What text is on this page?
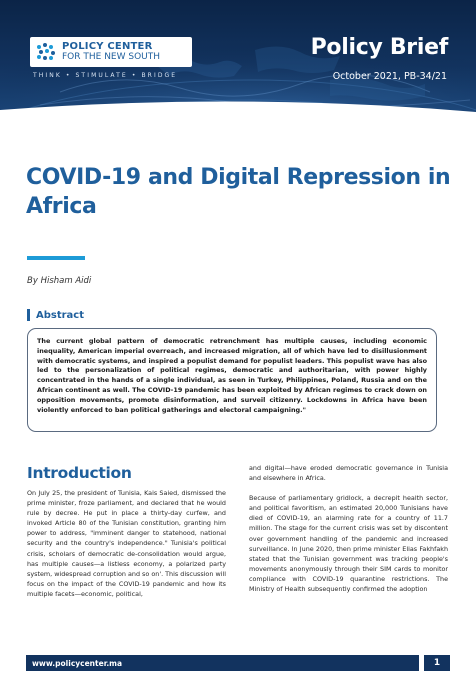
POLICY CENTER
FOR THE NEW SOUTH
THINK • STIMULATE • BRIDGE
Policy Brief
October 2021, PB-34/21
COVID-19 and Digital Repression in Africa
By Hisham Aidi
Abstract

The current global pattern of democratic retrenchment has multiple causes, including economic inequality, American imperial overreach, and increased migration, all of which have led to disillusionment with democratic systems, and inspired a populist demand for populist leaders. This populist wave has also led to the personalization of political regimes, democratic and authoritarian, with power highly concentrated in the hands of a single individual, as seen in Turkey, Philippines, Poland, Russia and on the African continent as well. The COVID-19 pandemic has been exploited by African regimes to crack down on opposition movements, promote disinformation, and surveil citizenry. Lockdowns in Africa have been violently enforced to ban political gatherings and electoral campaigning."

Introduction

On July 25, the president of Tunisia, Kais Saied, dismissed the prime minister, froze parliament, and declared that he would rule by decree. He put in place a thirty-day curfew, and invoked Article 80 of the Tunisian constitution, granting him power to address, "imminent danger to statehood, national security and the country's independence." Tunisia's political crisis, scholars of democratic de-consolidation would argue, has multiple causes—a listless economy, a polarized party system, widespread corruption and so on'. This discussion will focus on the impact of the COVID-19 pandemic and how its multiple facets—economic, political,

and digital—have eroded democratic governance in Tunisia and elsewhere in Africa.

Because of parliamentary gridlock, a decrepit health sector, and political favoritism, an estimated 20,000 Tunisians have died of COVID-19, an alarming rate for a country of 11.7 million. The stage for the current crisis was set by discontent over government handling of the pandemic and increased surveillance. In June 2020, then prime minister Elias Fakhfakh stated that the Tunisian government was tracking people's movements anonymously through their SIM cards to monitor compliance with COVID-19 quarantine restrictions. The Ministry of Health subsequently confirmed the adoption

www.policycenter.ma	1
